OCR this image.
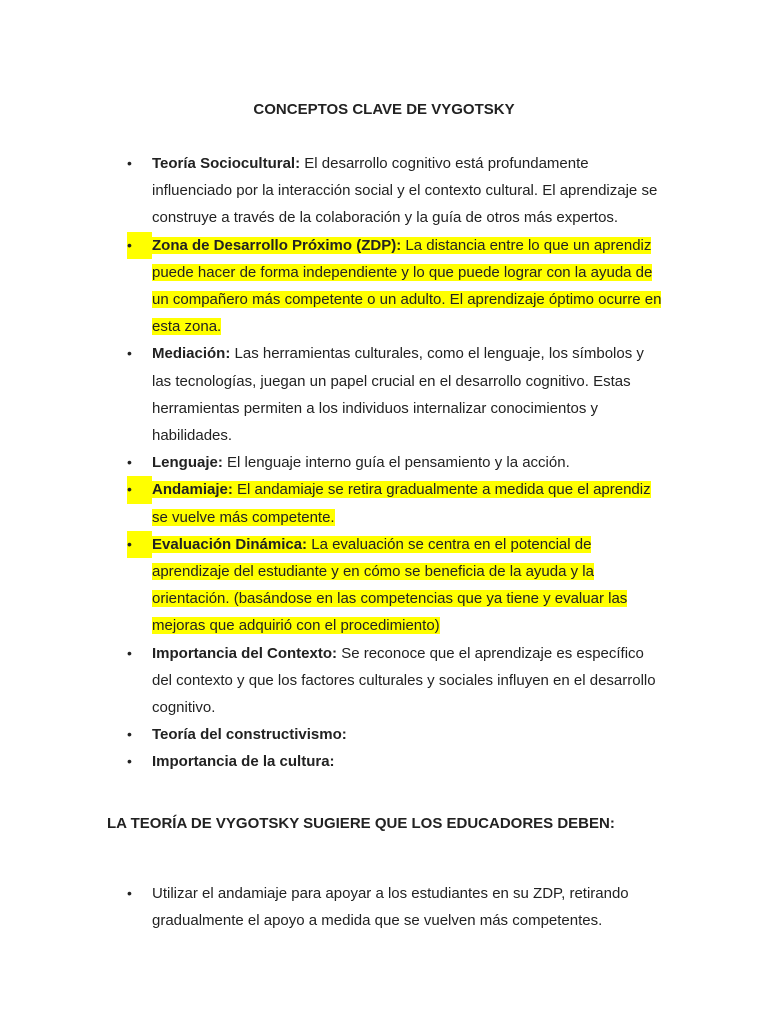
CONCEPTOS CLAVE DE VYGOTSKY
•	Teoría Sociocultural: El desarrollo cognitivo está profundamente influenciado por la interacción social y el contexto cultural. El aprendizaje se construye a través de la colaboración y la guía de otros más expertos.
•	Zona de Desarrollo Próximo (ZDP): La distancia entre lo que un aprendiz puede hacer de forma independiente y lo que puede lograr con la ayuda de un compañero más competente o un adulto. El aprendizaje óptimo ocurre en esta zona.
•	Mediación: Las herramientas culturales, como el lenguaje, los símbolos y las tecnologías, juegan un papel crucial en el desarrollo cognitivo. Estas herramientas permiten a los individuos internalizar conocimientos y habilidades.
•	Lenguaje: El lenguaje interno guía el pensamiento y la acción.
•	Andamiaje: El andamiaje se retira gradualmente a medida que el aprendiz se vuelve más competente.
•	Evaluación Dinámica: La evaluación se centra en el potencial de aprendizaje del estudiante y en cómo se beneficia de la ayuda y la orientación. (basándose en las competencias que ya tiene y evaluar las mejoras que adquirió con el procedimiento)
•	Importancia del Contexto: Se reconoce que el aprendizaje es específico del contexto y que los factores culturales y sociales influyen en el desarrollo cognitivo.
•	Teoría del constructivismo:
•	Importancia de la cultura:
LA TEORÍA DE VYGOTSKY SUGIERE QUE LOS EDUCADORES DEBEN:
•	Utilizar el andamiaje para apoyar a los estudiantes en su ZDP, retirando gradualmente el apoyo a medida que se vuelven más competentes.
